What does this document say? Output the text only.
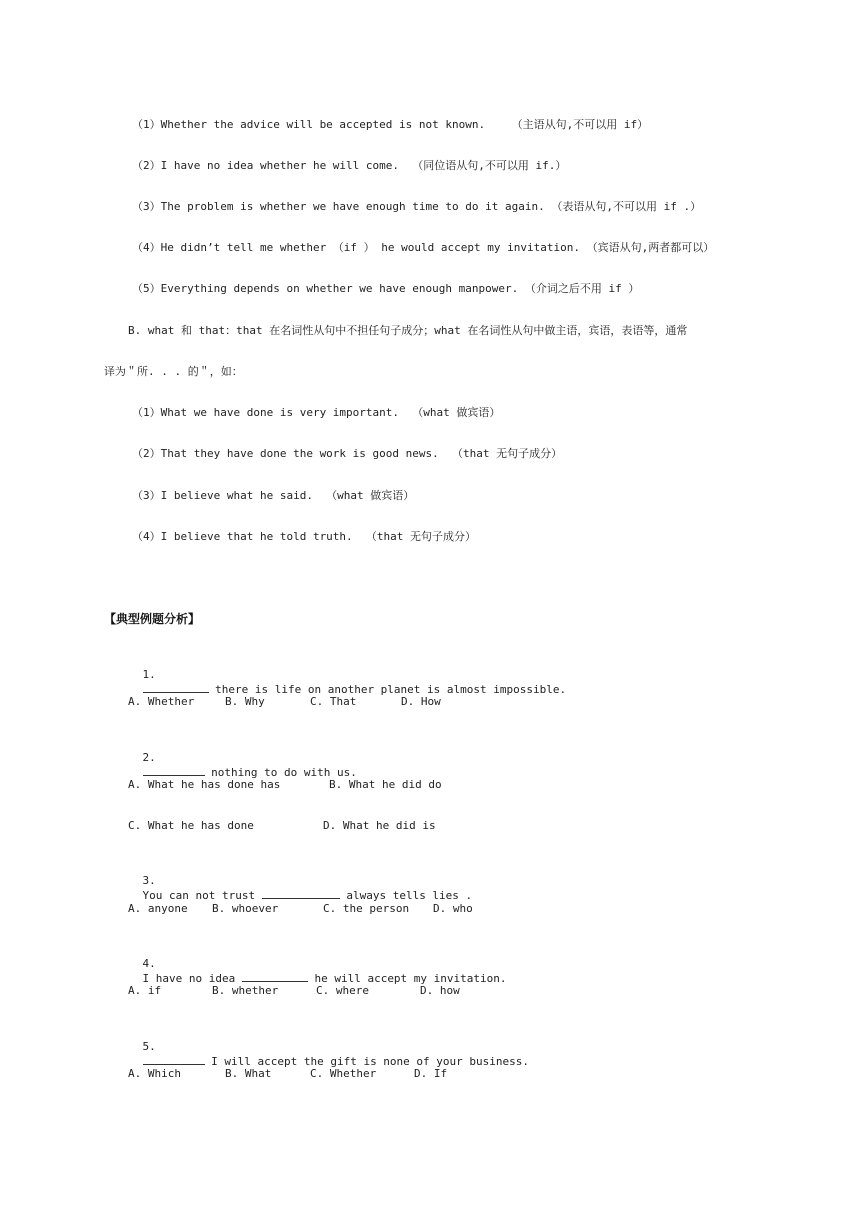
（1）Whether the advice will be accepted is not known.    （主语从句,不可以用 if）
（2）I have no idea whether he will come.  （同位语从句,不可以用 if.）
（3）The problem is whether we have enough time to do it again. （表语从句,不可以用 if .）
（4）He didn’t tell me whether （if ） he would accept my invitation. （宾语从句,两者都可以）
（5）Everything depends on whether we have enough manpower. （介词之后不用 if ）
B. what 和 that：that 在名词性从句中不担任句子成分；what 在名词性从句中做主语，宾语，表语等，通常
译为＂所. . . 的＂，如：
（1）What we have done is very important.  （what 做宾语）
（2）That they have done the work is good news.  （that 无句子成分）
（3）I believe what he said.  （what 做宾语）
（4）I believe that he told truth.  （that 无句子成分）
【典型例题分析】

1.
there is life on another planet is almost impossible.

A. Whether	B. Why	C. That	D. How

2.
nothing to do with us.

A. What he has done has	B. What he did do
C. What he has done	D. What he did is

3.
You can not trust	always tells lies .

A. anyone B. whoever	C. the person D. who

4.
I have no idea	he will accept my invitation.

A. if	B. whether	C. where	D. how

5.
I will accept the gift is none of your business.

A. Which	B. What	C. Whether	D. If
